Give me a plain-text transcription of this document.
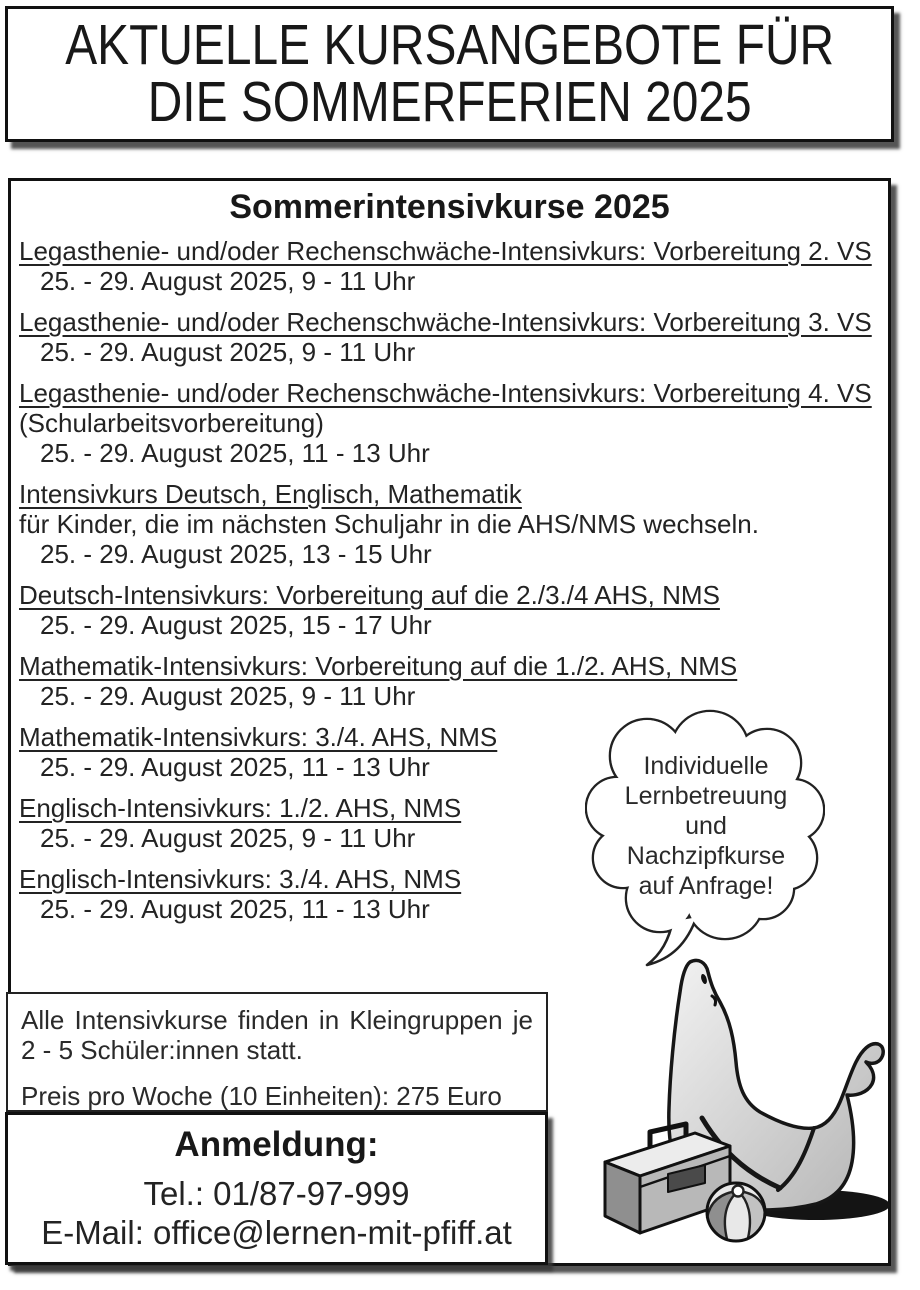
AKTUELLE KURSANGEBOTE FÜR
DIE SOMMERFERIEN 2025
Sommerintensivkurse 2025
Legasthenie- und/oder Rechenschwäche-Intensivkurs: Vorbereitung 2. VS
25. - 29. August 2025, 9 - 11 Uhr
Legasthenie- und/oder Rechenschwäche-Intensivkurs: Vorbereitung 3. VS
25. - 29. August 2025, 9 - 11 Uhr
Legasthenie- und/oder Rechenschwäche-Intensivkurs: Vorbereitung 4. VS
(Schularbeitsvorbereitung)
25. - 29. August 2025, 11 - 13 Uhr
Intensivkurs Deutsch, Englisch, Mathematik
für Kinder, die im nächsten Schuljahr in die AHS/NMS wechseln.
25. - 29. August 2025, 13 - 15 Uhr
Deutsch-Intensivkurs: Vorbereitung auf die 2./3./4 AHS, NMS
25. - 29. August 2025, 15 - 17 Uhr
Mathematik-Intensivkurs: Vorbereitung auf die 1./2. AHS, NMS
25. - 29. August 2025, 9 - 11 Uhr
Mathematik-Intensivkurs: 3./4. AHS, NMS
25. - 29. August 2025, 11 - 13 Uhr
Englisch-Intensivkurs: 1./2. AHS, NMS
25. - 29. August 2025, 9 - 11 Uhr
Englisch-Intensivkurs: 3./4. AHS, NMS
25. - 29. August 2025, 11 - 13 Uhr
Individuelle
Lernbetreuung
und
Nachzipfkurse
auf Anfrage!

Alle Intensivkurse finden in Kleingruppen je 2 - 5 Schüler:innen statt.

Preis pro Woche (10 Einheiten): 275 Euro

Anmeldung:
Tel.: 01/87-97-999
E-Mail: office@lernen-mit-pfiff.at
